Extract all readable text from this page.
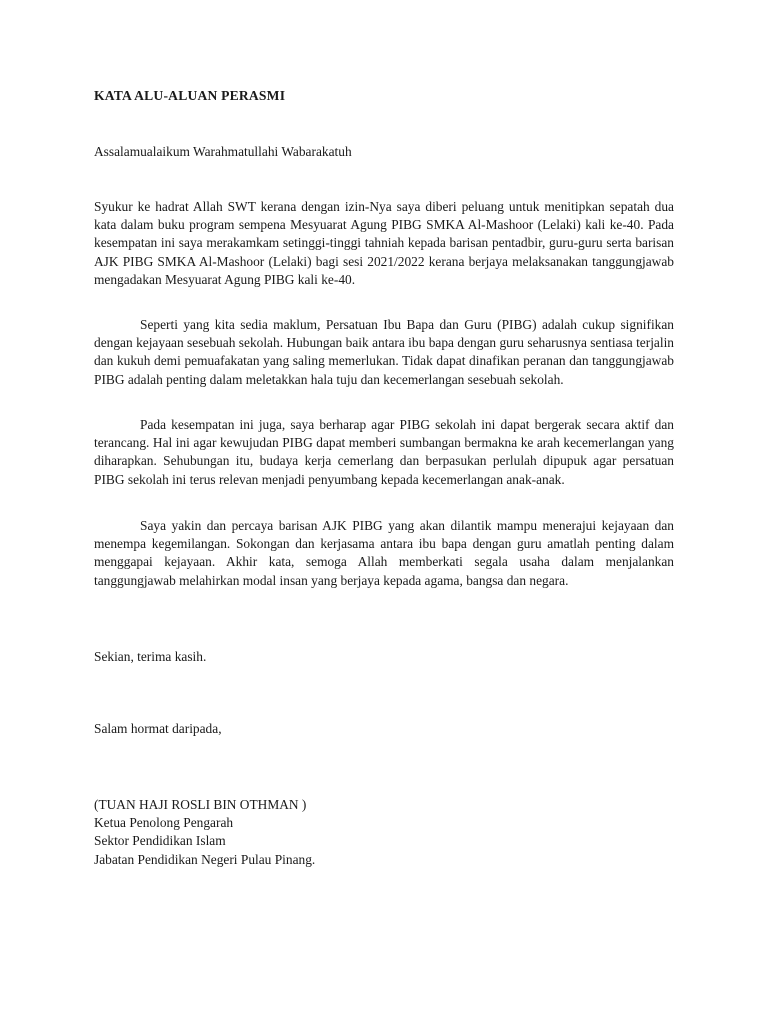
KATA ALU-ALUAN PERASMI
Assalamualaikum Warahmatullahi Wabarakatuh

Syukur ke hadrat Allah SWT kerana dengan izin-Nya saya diberi peluang untuk menitipkan sepatah dua kata dalam buku program sempena Mesyuarat Agung PIBG SMKA Al-Mashoor (Lelaki) kali ke-40. Pada kesempatan ini saya merakamkam setinggi-tinggi tahniah kepada barisan pentadbir, guru-guru serta barisan AJK PIBG SMKA Al-Mashoor (Lelaki) bagi sesi 2021/2022 kerana berjaya melaksanakan tanggungjawab mengadakan Mesyuarat Agung PIBG kali ke-40.

Seperti yang kita sedia maklum, Persatuan Ibu Bapa dan Guru (PIBG) adalah cukup signifikan dengan kejayaan sesebuah sekolah. Hubungan baik antara ibu bapa dengan guru seharusnya sentiasa terjalin dan kukuh demi pemuafakatan yang saling memerlukan. Tidak dapat dinafikan peranan dan tanggungjawab PIBG adalah penting dalam meletakkan hala tuju dan kecemerlangan sesebuah sekolah.

Pada kesempatan ini juga, saya berharap agar PIBG sekolah ini dapat bergerak secara aktif dan terancang. Hal ini agar kewujudan PIBG dapat memberi sumbangan bermakna ke arah kecemerlangan yang diharapkan. Sehubungan itu, budaya kerja cemerlang dan berpasukan perlulah dipupuk agar persatuan PIBG sekolah ini terus relevan menjadi penyumbang kepada kecemerlangan anak-anak.

Saya yakin dan percaya barisan AJK PIBG yang akan dilantik mampu menerajui kejayaan dan menempa kegemilangan. Sokongan dan kerjasama antara ibu bapa dengan guru amatlah penting dalam menggapai kejayaan. Akhir kata, semoga Allah memberkati segala usaha dalam menjalankan tanggungjawab melahirkan modal insan yang berjaya kepada agama, bangsa dan negara.

Sekian, terima kasih.
Salam hormat daripada,
(TUAN HAJI ROSLI BIN OTHMAN )
Ketua Penolong Pengarah
Sektor Pendidikan Islam
Jabatan Pendidikan Negeri Pulau Pinang.
